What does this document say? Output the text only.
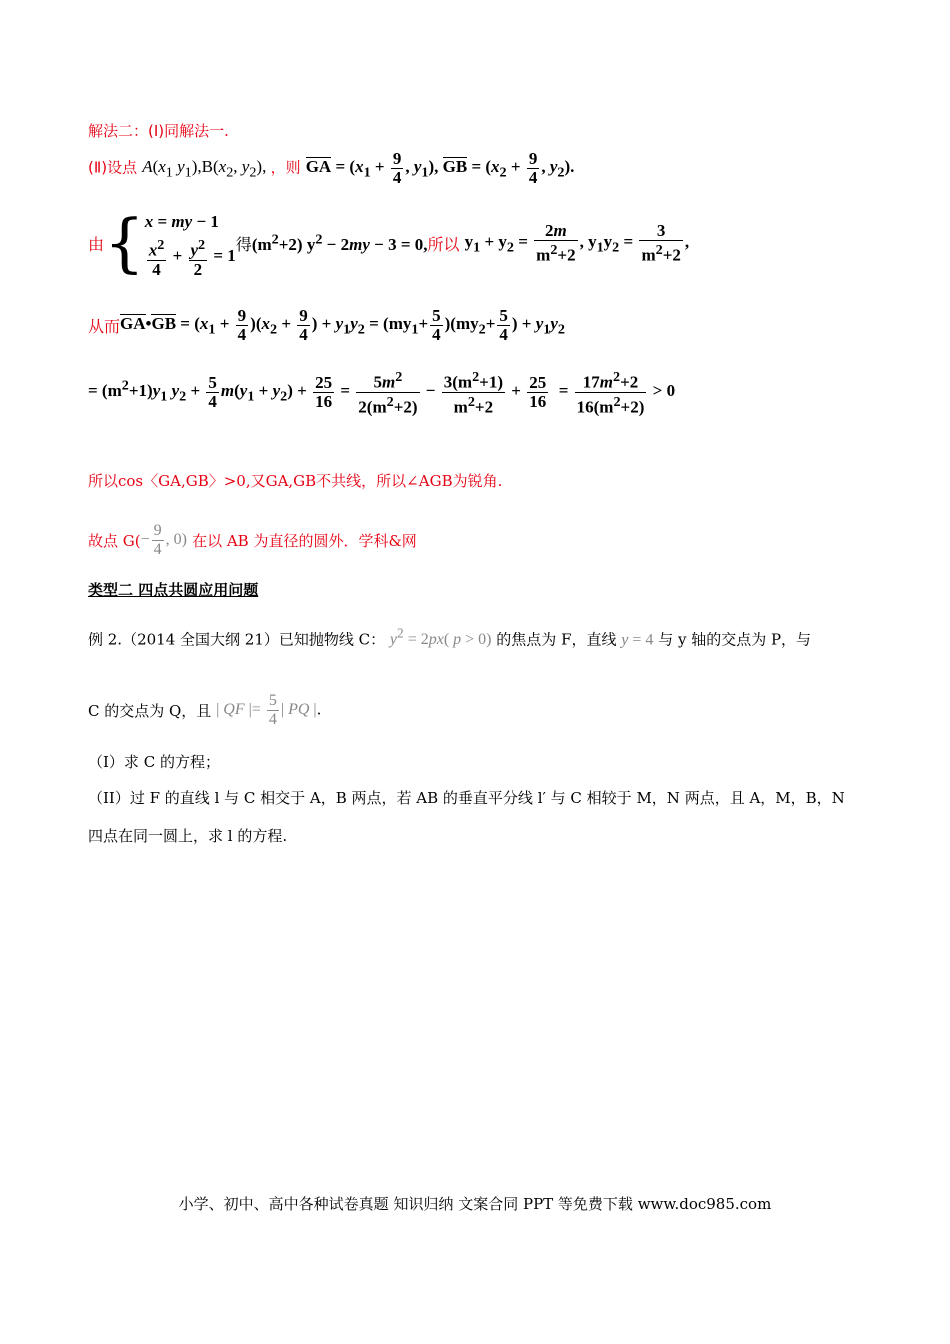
解法二：(Ⅰ)同解法一.
(Ⅱ)设点 $A(x_1$ $y_1),B(x_2$, $y_2$), ，则 GA = ($x_1 + \frac{9}{4}$ , $y_1$), GB = ($x_2 + \frac{9}{4}$ , $y_2$).
由{ x = my − 1
$\frac{x^2}{4} + \frac{y^2}{2} = 1$
得$(m^2+2) y^2 - 2my - 3 = 0$,所以 $y_1 + y_2 = \frac{2m}{m^2+2}$ , $y_1y_2 = \frac{3}{m^2+2}$ ,
从而GA•GB = $(x_1 + \frac{9}{4} )(x_2 + \frac{9}{4}$ ) + $y_1y_2 = (my_1+ \frac{5}{4} )(my_2+ \frac{5}{4}$ ) + $y_1y_2$
= $(m^2+1)y_1$ $y_2 + \frac{5}{4} m(y_1 + y_2) + \frac{25}{16} = \frac{5m^2}{2(m^2+2)} - \frac{3(m^2+1)}{m^2+2} + \frac{25}{16} = \frac{17m^2+2}{16(m^2+2)} > 0$
所以cos〈GA,GB〉>0,又GA,GB不共线，所以∠AGB为锐角.
故点 $G(- \frac{9}{4}$ , 0) 在以 AB 为直径的圆外．学科&网
类型二 四点共圆应用问题
例 2.（2014 全国大纲 21）已知抛物线 C： $y^2 = 2px$( p > 0) 的焦点为 F，直线 y = 4 与 y 轴的交点为 P，与
C 的交点为 Q，且 | QF |= $\frac{5}{4}$ | PQ |.
（I）求 C 的方程；
（II）过 F 的直线 l 与 C 相交于 A，B 两点，若 AB 的垂直平分线 l′ 与 C 相较于 M，N 两点，且 A，M，B，N
四点在同一圆上，求 l 的方程.
小学、初中、高中各种试卷真题 知识归纳 文案合同 PPT 等免费下载 www.doc985.com
